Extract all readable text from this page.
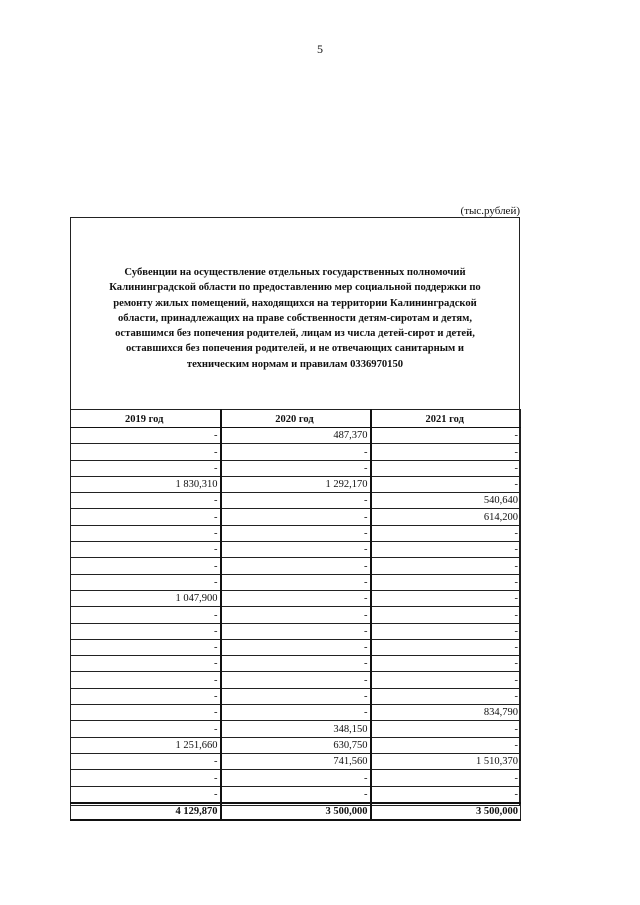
5
(тыс.рублей)
Субвенции на осуществление отдельных государственных полномочий
Калининградской области по предоставлению мер социальной поддержки по
ремонту жилых помещений, находящихся на территории Калининградской
области, принадлежащих на праве собственности детям-сиротам и детям,
оставшимся без попечения родителей, лицам из числа детей-сирот и детей,
оставшихся без попечения родителей, и не отвечающих санитарным и
техническим нормам и правилам 0336970150
2019 год	2020 год	2021 год
-	487,370	-
-	-	-
-	-	-
1 830,310	1 292,170	-
-	-	540,640
-	-	614,200
-	-	-
-	-	-
-	-	-
-	-	-
1 047,900	-	-
-	-	-
-	-	-
-	-	-
-	-	-
-	-	-
-	-	-
-	-	834,790
-	348,150	-
1 251,660	630,750	-
-	741,560	1 510,370
-	-	-
-	-	-
4 129,870	3 500,000	3 500,000
